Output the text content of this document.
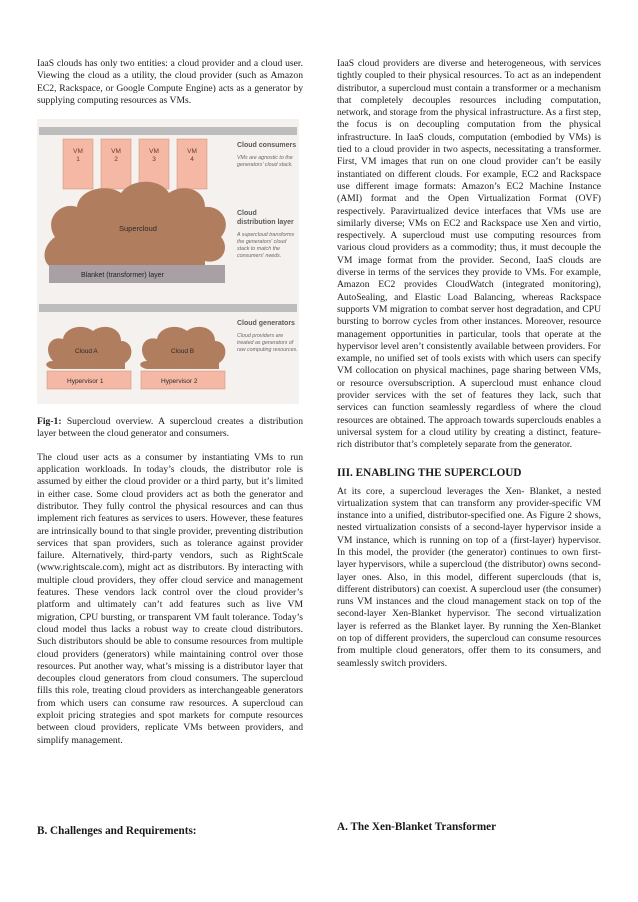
IaaS clouds has only two entities: a cloud provider and a cloud user. Viewing the cloud as a utility, the cloud provider (such as Amazon EC2, Rackspace, or Google Compute Engine) acts as a generator by supplying computing resources as VMs.

VM
1
VM
2
VM
3
VM
4
Supercloud
Blanket (transformer) layer
Cloud A	Cloud B
Hypervisor 1	Hypervisor 2
Cloud consumers
VMs are agnostic to the
generators' cloud stack.
Cloud
distribution layer
A supercloud transforms
the generators' cloud
stack to match the
consumers' needs.
Cloud generators
Cloud providers are
treated as generators of
raw computing resources.

Fig-1: Supercloud overview. A supercloud creates a distribution layer between the cloud generator and consumers.

The cloud user acts as a consumer by instantiating VMs to run application workloads. In today’s clouds, the distributor role is assumed by either the cloud provider or a third party, but it’s limited in either case. Some cloud providers act as both the generator and distributor. They fully control the physical resources and can thus implement rich features as services to users. However, these features are intrinsically bound to that single provider, preventing distribution services that span providers, such as tolerance against provider failure. Alternatively, third-party vendors, such as RightScale (www.rightscale.com), might act as distributors. By interacting with multiple cloud providers, they offer cloud service and management features. These vendors lack control over the cloud provider’s platform and ultimately can’t add features such as live VM migration, CPU bursting, or transparent VM fault tolerance. Today’s cloud model thus lacks a robust way to create cloud distributors. Such distributors should be able to consume resources from multiple cloud providers (generators) while maintaining control over those resources. Put another way, what’s missing is a distributor layer that decouples cloud generators from cloud consumers. The supercloud fills this role, treating cloud providers as interchangeable generators from which users can consume raw resources. A supercloud can exploit pricing strategies and spot markets for compute resources between cloud providers, replicate VMs between providers, and simplify management.

B. Challenges and Requirements:

IaaS cloud providers are diverse and heterogeneous, with services tightly coupled to their physical resources. To act as an independent distributor, a supercloud must contain a transformer or a mechanism that completely decouples resources including computation, network, and storage from the physical infrastructure. As a first step, the focus is on decoupling computation from the physical infrastructure. In IaaS clouds, computation (embodied by VMs) is tied to a cloud provider in two aspects, necessitating a transformer. First, VM images that run on one cloud provider can’t be easily instantiated on different clouds. For example, EC2 and Rackspace use different image formats: Amazon’s EC2 Machine Instance (AMI) format and the Open Virtualization Format (OVF) respectively. Paravirtualized device interfaces that VMs use are similarly diverse; VMs on EC2 and Rackspace use Xen and virtio, respectively. A supercloud must use computing resources from various cloud providers as a commodity; thus, it must decouple the VM image format from the provider. Second, IaaS clouds are diverse in terms of the services they provide to VMs. For example, Amazon EC2 provides CloudWatch (integrated monitoring), AutoSealing, and Elastic Load Balancing, whereas Rackspace supports VM migration to combat server host degradation, and CPU bursting to borrow cycles from other instances. Moreover, resource management opportunities in particular, tools that operate at the hypervisor level aren’t consistently available between providers. For example, no unified set of tools exists with which users can specify VM collocation on physical machines, page sharing between VMs, or resource oversubscription. A supercloud must enhance cloud provider services with the set of features they lack, such that services can function seamlessly regardless of where the cloud resources are obtained. The approach towards superclouds enables a universal system for a cloud utility by creating a distinct, feature-rich distributor that’s completely separate from the generator.

III. ENABLING THE SUPERCLOUD

At its core, a supercloud leverages the Xen- Blanket, a nested virtualization system that can transform any provider-specific VM instance into a unified, distributor-specified one. As Figure 2 shows, nested virtualization consists of a second-layer hypervisor inside a VM instance, which is running on top of a (first-layer) hypervisor. In this model, the provider (the generator) continues to own first-layer hypervisors, while a supercloud (the distributor) owns second-layer ones. Also, in this model, different superclouds (that is, different distributors) can coexist. A supercloud user (the consumer) runs VM instances and the cloud management stack on top of the second-layer Xen-Blanket hypervisor. The second virtualization layer is referred as the Blanket layer. By running the Xen-Blanket on top of different providers, the supercloud can consume resources from multiple cloud generators, offer them to its consumers, and seamlessly switch providers.

A. The Xen-Blanket Transformer
